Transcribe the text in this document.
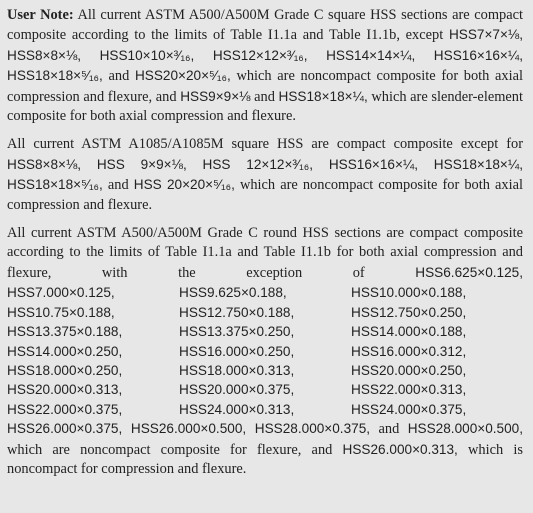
User Note: All current ASTM A500/A500M Grade C square HSS sections are compact composite according to the limits of Table I1.1a and Table I1.1b, except HSS7×7×⅛, HSS8×8×⅛, HSS10×10×³⁄₁₆, HSS12×12×³⁄₁₆, HSS14×14×¼, HSS16×16×¼, HSS18×18×⁵⁄₁₆, and HSS20×20×⁵⁄₁₆, which are noncompact composite for both axial compression and flexure, and HSS9×9×⅛ and HSS18×18×¼, which are slender-element composite for both axial compression and flexure.

All current ASTM A1085/A1085M square HSS are compact composite except for HSS8×8×⅛, HSS 9×9×⅛, HSS 12×12×³⁄₁₆, HSS16×16×¼, HSS18×18×¼, HSS18×18×⁵⁄₁₆, and HSS 20×20×⁵⁄₁₆, which are noncompact composite for both axial compression and flexure.

All current ASTM A500/A500M Grade C round HSS sections are compact composite according to the limits of Table I1.1a and Table I1.1b for both axial compression and flexure, with the exception of HSS6.625×0.125,
HSS7.000×0.125,	HSS9.625×0.188,	HSS10.000×0.188,
HSS10.75×0.188,	HSS12.750×0.188,	HSS12.750×0.250,
HSS13.375×0.188,	HSS13.375×0.250,	HSS14.000×0.188,
HSS14.000×0.250,	HSS16.000×0.250,	HSS16.000×0.312,
HSS18.000×0.250,	HSS18.000×0.313,	HSS20.000×0.250,
HSS20.000×0.313,	HSS20.000×0.375,	HSS22.000×0.313,
HSS22.000×0.375,	HSS24.000×0.313,	HSS24.000×0.375,
HSS26.000×0.375, HSS26.000×0.500, HSS28.000×0.375, and HSS28.000×0.500, which are noncompact composite for flexure, and HSS26.000×0.313, which is noncompact for compression and flexure.
